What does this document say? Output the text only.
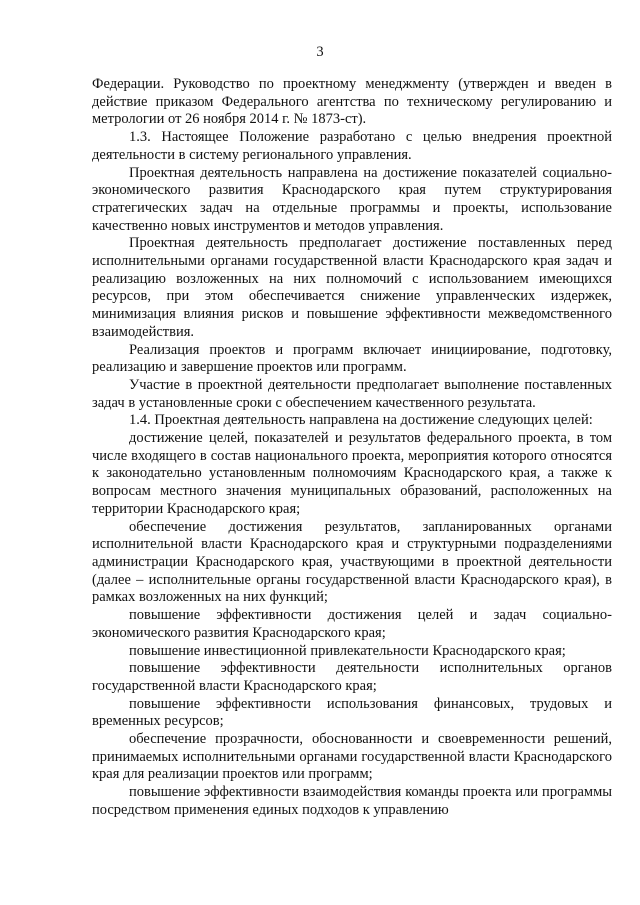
3

Федерации. Руководство по проектному менеджменту (утвержден и введен в действие приказом Федерального агентства по техническому регулированию и метрологии от 26 ноября 2014 г. № 1873-ст).

1.3. Настоящее Положение разработано с целью внедрения проектной деятельности в систему регионального управления.

Проектная деятельность направлена на достижение показателей социально-экономического развития Краснодарского края путем структурирования стратегических задач на отдельные программы и проекты, использование качественно новых инструментов и методов управления.

Проектная деятельность предполагает достижение поставленных перед исполнительными органами государственной власти Краснодарского края задач и реализацию возложенных на них полномочий с использованием имеющихся ресурсов, при этом обеспечивается снижение управленческих издержек, минимизация влияния рисков и повышение эффективности межведомственного взаимодействия.

Реализация проектов и программ включает инициирование, подготовку, реализацию и завершение проектов или программ.

Участие в проектной деятельности предполагает выполнение поставленных задач в установленные сроки с обеспечением качественного результата.

1.4. Проектная деятельность направлена на достижение следующих целей:

достижение целей, показателей и результатов федерального проекта, в том числе входящего в состав национального проекта, мероприятия которого относятся к законодательно установленным полномочиям Краснодарского края, а также к вопросам местного значения муниципальных образований, расположенных на территории Краснодарского края;

обеспечение достижения результатов, запланированных органами исполнительной власти Краснодарского края и структурными подразделениями администрации Краснодарского края, участвующими в проектной деятельности (далее – исполнительные органы государственной власти Краснодарского края), в рамках возложенных на них функций;

повышение эффективности достижения целей и задач социально-экономического развития Краснодарского края;

повышение инвестиционной привлекательности Краснодарского края;

повышение эффективности деятельности исполнительных органов государственной власти Краснодарского края;

повышение эффективности использования финансовых, трудовых и временных ресурсов;

обеспечение прозрачности, обоснованности и своевременности решений, принимаемых исполнительными органами государственной власти Краснодарского края для реализации проектов или программ;

повышение эффективности взаимодействия команды проекта или программы посредством применения единых подходов к управлению
